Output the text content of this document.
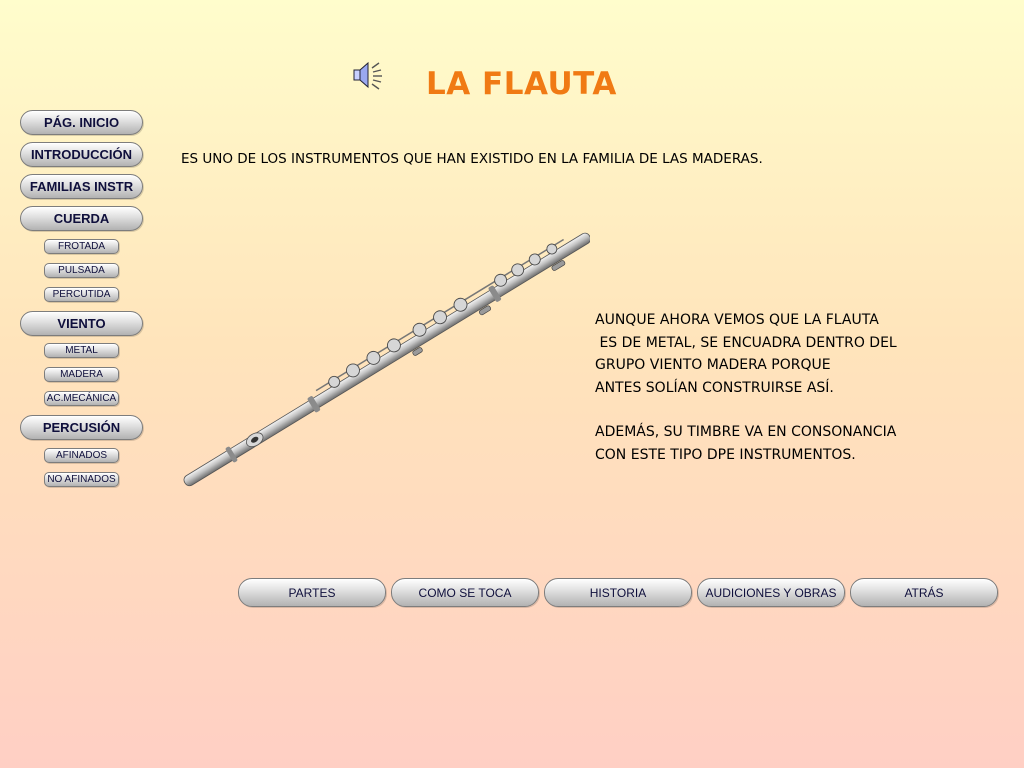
LA FLAUTA
PÁG. INICIO
INTRODUCCIÓN
FAMILIAS INSTR
CUERDA
FROTADA
PULSADA
PERCUTIDA
VIENTO
METAL
MADERA
AC.MECÁNICA
PERCUSIÓN
AFINADOS
NO AFINADOS

ES UNO DE LOS INSTRUMENTOS QUE HAN EXISTIDO EN LA FAMILIA DE LAS MADERAS.

AUNQUE AHORA VEMOS QUE LA FLAUTA
ES DE METAL, SE ENCUADRA DENTRO DEL
GRUPO VIENTO MADERA PORQUE
ANTES SOLÍAN CONSTRUIRSE ASÍ.

ADEMÁS, SU TIMBRE VA EN CONSONANCIA
CON ESTE TIPO DPE INSTRUMENTOS.

PARTES	COMO SE TOCA	HISTORIA	AUDICIONES Y OBRAS	ATRÁS
